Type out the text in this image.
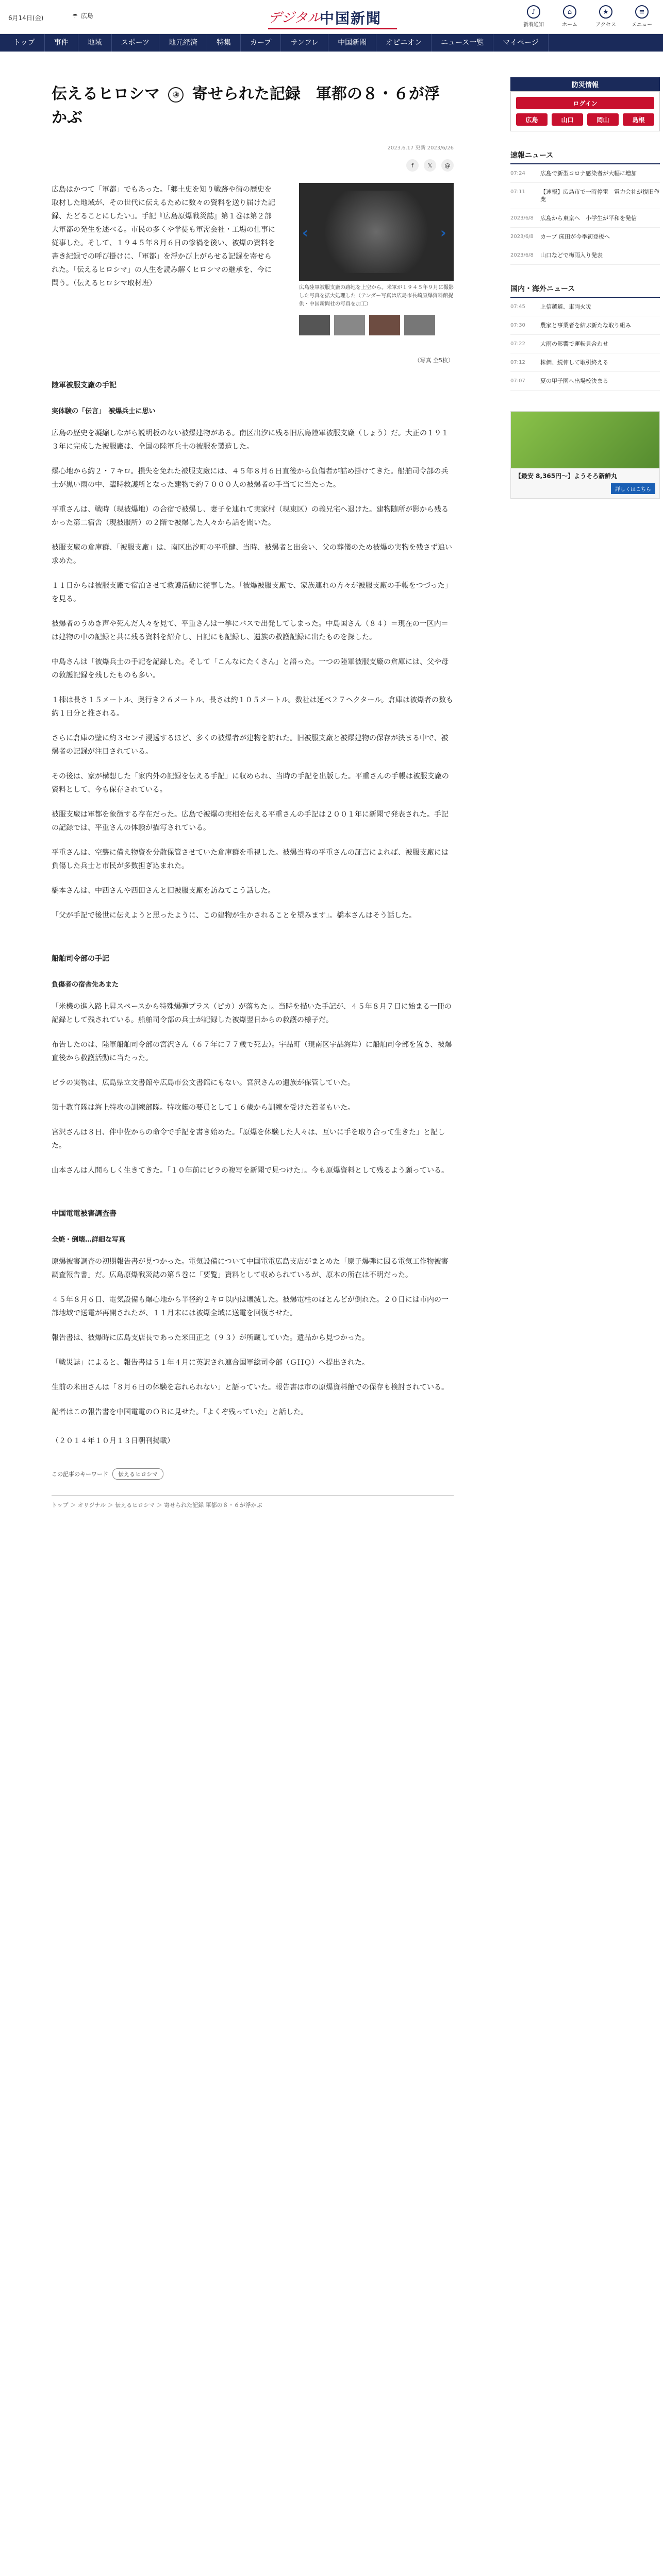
6月14日(金)	☂ 広島	中国新聞
デジタル	♪
新着通知
⌂
ホーム
★
アクセス
≡
メニュー
トップ	事件	地域	スポーツ	地元経済	特集	カープ	サンフレ	中国新聞	オピニオン	ニュース一覧	マイページ
伝えるヒロシマ ③ 寄せられた記録　軍都の８・６が浮かぶ
2023.6.17 更新 2023/6/26
f	𝕏	@
広島はかつて「軍都」でもあった。「郷土史を知り戦跡や街の歴史を取材した地域が、その世代に伝えるために数々の資料を送り届けた記録、たどることにしたい」。手記『広島原爆戦災誌』第１巻は第２部大軍都の発生を述べる。市民の多くや学徒も軍需会社・工場の仕事に従事した。そして、１９４５年８月６日の惨禍を後い、被爆の資料を書き紀録での呼び掛けに、「軍都」を浮かび上がらせる記録を寄せられた。「伝えるヒロシマ」の人生を読み解くヒロシマの継承を、今に問う。（伝えるヒロシマ取材班）
‹	›
広島陸軍被服支廠の跡地を上空から。米軍が１９４５年９月に撮影した写真を拡大処理した（テンダー写真は広島市長崎原爆資料館提供・中国新聞社の写真を加工）
（写真 全5枚）
陸軍被服支廠の手記
実体験の「伝言」　被爆兵士に思い

広島の歴史を凝縮しながら説明板のない被爆建物がある。南区出汐に残る旧広島陸軍被服支廠（しょう）だ。大正の１９１３年に完成した被服廠は、全国の陸軍兵士の被服を製造した。

爆心地から約２・７キロ。損失を免れた被服支廠には、４５年８月６日直後から負傷者が詰め掛けてきた。船舶司令部の兵士が黒い雨の中、臨時救護所となった建物で約７０００人の被爆者の手当てに当たった。

平重さんは、戦時（現被爆地）の合宿で被爆し、妻子を連れて実家村（現東区）の義兄宅へ退けた。建物随所が影から残るかった第二宿舎（現被服所）の２階で被爆した人々から話を聞いた。

被服支廠の倉庫群、「被服支廠」は、南区出汐町の平重健、当時、被爆者と出会い、父の葬儀のため被爆の実物を残さず追い求めた。

１１日からは被服支廠で宿泊させて救護活動に従事した。「被爆被服支廠で、家族連れの方々が被服支廠の手帳をつづった」を見る。

被爆者のうめき声や死んだ人々を見て、平重さんは一挙にバスで出発してしまった。中島国さん（８４）＝現在の一区内＝は建物の中の記録と共に残る資料を紹介し、日記にも記録し、遺族の救護記録に出たものを探した。

中島さんは「被爆兵士の手記を記録した。そして「こんなにたくさん」と語った。一つの陸軍被服支廠の倉庫には、父や母の救護記録を残したものも多い。

１棟は長さ１５メートル、奥行き２６メートル、長さは約１０５メートル。数社は延べ２７ヘクタール。倉庫は被爆者の数も約１日分と推される。

さらに倉庫の壁に約３センチ浸透するほど、多くの被爆者が建物を訪れた。旧被服支廠と被爆建物の保存が決まる中で、被爆者の記録が注目されている。

その後は、家が構想した「家内外の記録を伝える手記」に収められ、当時の手記を出版した。平重さんの手帳は被服支廠の資料として、今も保存されている。

被服支廠は軍都を象徴する存在だった。広島で被爆の実相を伝える平重さんの手記は２００１年に新聞で発表された。手記の記録では、平重さんの体験が描写されている。

平重さんは、空襲に備え物資を分散保管させていた倉庫群を重視した。被爆当時の平重さんの証言によれば、被服支廠には負傷した兵士と市民が多数担ぎ込まれた。

橋本さんは、中西さんや西田さんと旧被服支廠を訪ねてこう話した。

「父が手記で後世に伝えようと思ったように、この建物が生かされることを望みます」。橋本さんはそう話した。

船舶司令部の手記
負傷者の宿舎先あまた

「米機の進入路上昇スペースから特殊爆弾ブラス（ピカ）が落ちた」。当時を描いた手記が、４５年８月７日に始まる一冊の記録として残されている。船舶司令部の兵士が記録した被爆翌日からの救護の様子だ。

布告したのは、陸軍船舶司令部の宮沢さん（６７年に７７歳で死去）。宇品町（現南区宇品海岸）に船舶司令部を置き、被爆直後から救護活動に当たった。

ビラの実物は、広島県立文書館や広島市公文書館にもない。宮沢さんの遺族が保管していた。

第十教育隊は海上特攻の訓練部隊。特攻艇の要員として１６歳から訓練を受けた若者もいた。

宮沢さんは８日、伴中佐からの命令で手記を書き始めた。「原爆を体験した人々は、互いに手を取り合って生きた」と記した。

山本さんは人間らしく生きてきた。「１０年前にビラの複写を新聞で見つけた」。今も原爆資料として残るよう願っている。

中国電電被害調査書
全焼・倒壊…詳細な写真

原爆被害調査の初期報告書が見つかった。電気設備について中国電電広島支店がまとめた「原子爆弾に因る電気工作物被害調査報告書」だ。広島原爆戦災誌の第５巻に「要覧」資料として収められているが、原本の所在は不明だった。

４５年８月６日、電気設備も爆心地から半径約２キロ以内は壊滅した。被爆電柱のほとんどが倒れた。２０日には市内の一部地域で送電が再開されたが、１１月末には被爆全域に送電を回復させた。

報告書は、被爆時に広島支店長であった米田正之（９３）が所蔵していた。遺品から見つかった。

「戦災誌」によると、報告書は５１年４月に英訳され連合国軍総司令部（ＧＨＱ）へ提出された。

生前の米田さんは「８月６日の体験を忘れられない」と語っていた。報告書は市の原爆資料館での保存も検討されている。

記者はこの報告書を中国電電のＯＢに見せた。「よくぞ残っていた」と話した。

（２０１４年１０月１３日朝刊掲載）
この記事のキーワード	伝えるヒロシマ
トップ ＞ オリジナル ＞ 伝えるヒロシマ ＞ 寄せられた記録 軍都の８・６が浮かぶ
防災情報
ログイン
広島	山口	岡山	島根
速報ニュース
07:24	広島で新型コロナ感染者が大幅に増加
07:11	【速報】広島市で一時停電　電力会社が復旧作業
2023/6/8	広島から東京へ　小学生が平和を発信
2023/6/8	カープ 床田が今季初登板へ
2023/6/8	山口などで梅雨入り発表
国内・海外ニュース
07:45	上信越道、車両火災
07:30	農家と事業者を結ぶ新たな取り組み
07:22	大雨の影響で運転見合わせ
07:12	株価、続伸して取引終える
07:07	夏の甲子園へ出場校決まる
【最安 8,365円〜】ようそろ新鮮丸
詳しくはこちら
